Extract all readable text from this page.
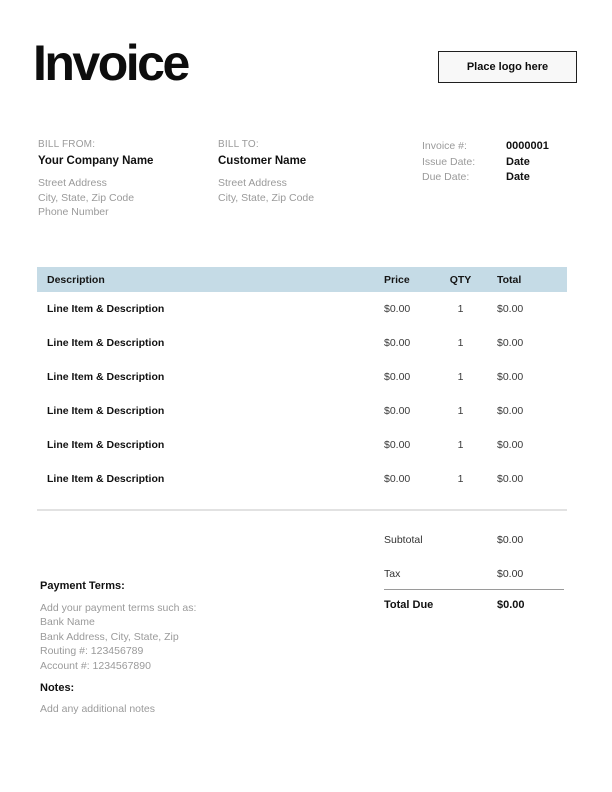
Invoice	Place logo here
BILL FROM:
Your Company Name
Street Address
City, State, Zip Code
Phone Number
BILL TO:
Customer Name
Street Address
City, State, Zip Code
Invoice #:	0000001
Issue Date:	Date
Due Date:	Date
Description	Price	QTY	Total
Line Item & Description	$0.00	1	$0.00
Line Item & Description	$0.00	1	$0.00
Line Item & Description	$0.00	1	$0.00
Line Item & Description	$0.00	1	$0.00
Line Item & Description	$0.00	1	$0.00
Line Item & Description	$0.00	1	$0.00
Subtotal	$0.00
Tax	$0.00
Total Due	$0.00
Payment Terms:
Add your payment terms such as:
Bank Name
Bank Address, City, State, Zip
Routing #: 123456789
Account #: 1234567890
Notes:
Add any additional notes
